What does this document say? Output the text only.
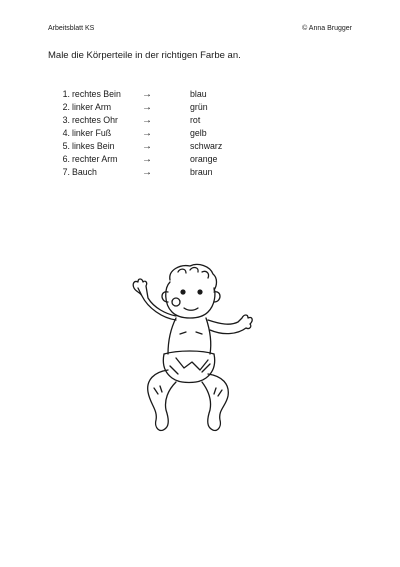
Arbeitsblatt KS	© Anna Brugger
Male die Körperteile in der richtigen Farbe an.
1. rechtes Bein →	blau
2. linker Arm	→	grün
3. rechtes Ohr →	rot
4. linker Fuß	→	gelb
5. linkes Bein	→	schwarz
6. rechter Arm →	orange
7. Bauch	→	braun
